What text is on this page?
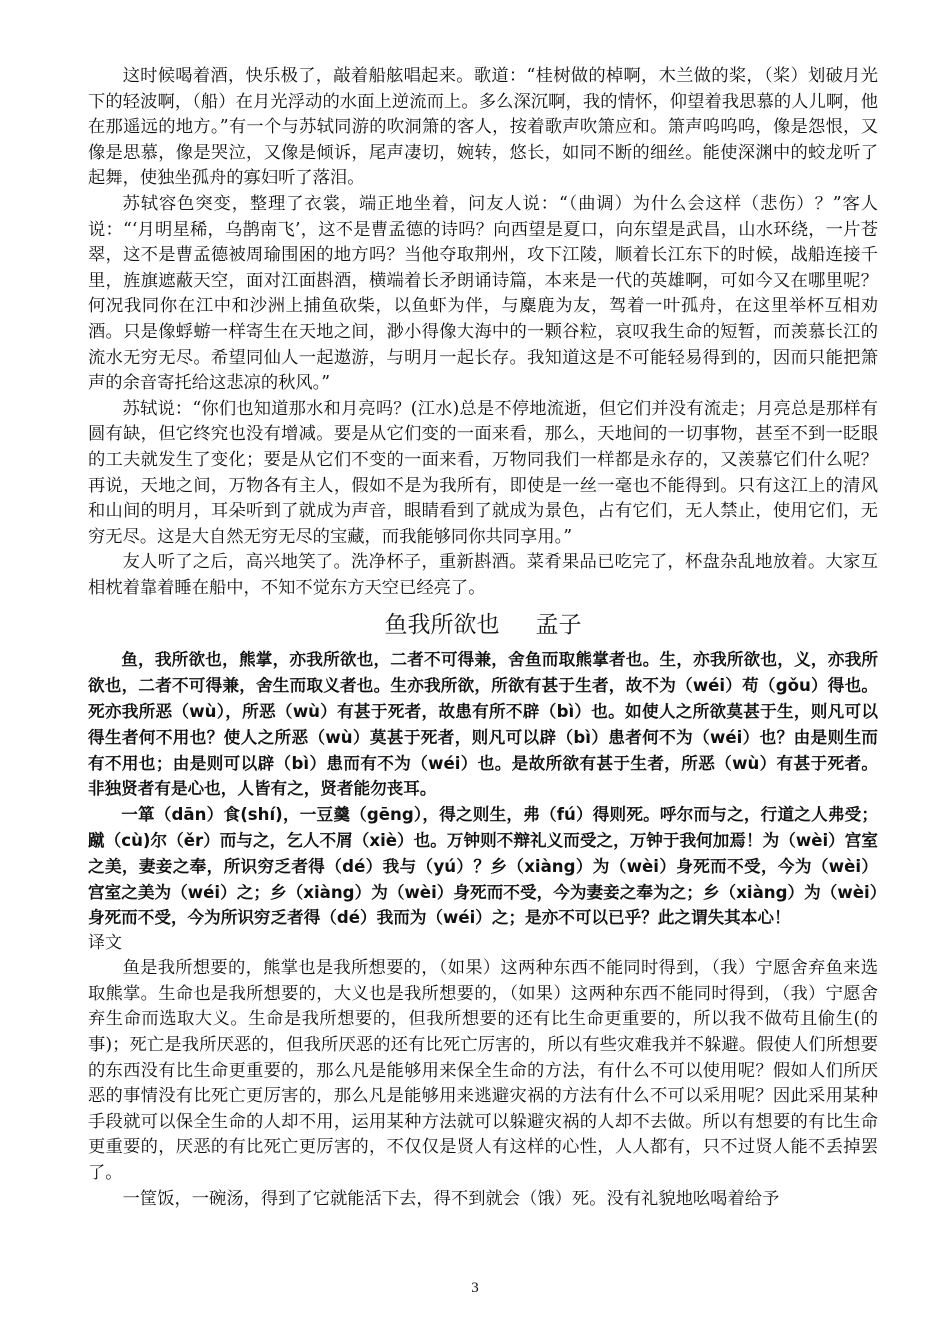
这时候喝着酒，快乐极了，敲着船舷唱起来。歌道：“桂树做的棹啊，木兰做的桨，（桨）划破月光下的轻波啊，（船）在月光浮动的水面上逆流而上。多么深沉啊，我的情怀，仰望着我思慕的人儿啊，他在那遥远的地方。”有一个与苏轼同游的吹洞箫的客人，按着歌声吹箫应和。箫声呜呜呜，像是怨恨，又像是思慕，像是哭泣，又像是倾诉，尾声凄切，婉转，悠长，如同不断的细丝。能使深渊中的蛟龙听了起舞，使独坐孤舟的寡妇听了落泪。

苏轼容色突变，整理了衣裳，端正地坐着，问友人说：“（曲调）为什么会这样（悲伤）？”客人说：“‘月明星稀，乌鹊南飞’，这不是曹孟德的诗吗？向西望是夏口，向东望是武昌，山水环绕，一片苍翠，这不是曹孟德被周瑜围困的地方吗？当他夺取荆州，攻下江陵，顺着长江东下的时候，战船连接千里，旌旗遮蔽天空，面对江面斟酒，横端着长矛朗诵诗篇，本来是一代的英雄啊，可如今又在哪里呢？何况我同你在江中和沙洲上捕鱼砍柴，以鱼虾为伴，与麋鹿为友，驾着一叶孤舟，在这里举杯互相劝酒。只是像蜉蝣一样寄生在天地之间，渺小得像大海中的一颗谷粒，哀叹我生命的短暂，而羡慕长江的流水无穷无尽。希望同仙人一起遨游，与明月一起长存。我知道这是不可能轻易得到的，因而只能把箫声的余音寄托给这悲凉的秋风。”

苏轼说：“你们也知道那水和月亮吗？(江水)总是不停地流逝，但它们并没有流走；月亮总是那样有圆有缺，但它终究也没有增减。要是从它们变的一面来看，那么，天地间的一切事物，甚至不到一眨眼的工夫就发生了变化；要是从它们不变的一面来看，万物同我们一样都是永存的，又羡慕它们什么呢？再说，天地之间，万物各有主人，假如不是为我所有，即使是一丝一毫也不能得到。只有这江上的清风和山间的明月，耳朵听到了就成为声音，眼睛看到了就成为景色，占有它们，无人禁止，使用它们，无穷无尽。这是大自然无穷无尽的宝藏，而我能够同你共同享用。”

友人听了之后，高兴地笑了。洗净杯子，重新斟酒。菜肴果品已吃完了，杯盘杂乱地放着。大家互相枕着靠着睡在船中，不知不觉东方天空已经亮了。

鱼我所欲也 孟子

鱼，我所欲也，熊掌，亦我所欲也，二者不可得兼，舍鱼而取熊掌者也。生，亦我所欲也，义，亦我所欲也，二者不可得兼，舍生而取义者也。生亦我所欲，所欲有甚于生者，故不为（wéi）苟（gǒu）得也。死亦我所恶（wù），所恶（wù）有甚于死者，故患有所不辟（bì）也。如使人之所欲莫甚于生，则凡可以得生者何不用也？使人之所恶（wù）莫甚于死者，则凡可以辟（bì）患者何不为（wéi）也？由是则生而有不用也；由是则可以辟（bì）患而有不为（wéi）也。是故所欲有甚于生者，所恶（wù）有甚于死者。非独贤者有是心也，人皆有之，贤者能勿丧耳。

一箪（dān）食(shí)，一豆羹（gēng），得之则生，弗（fú）得则死。呼尔而与之，行道之人弗受；蹴（cù)尔（ěr）而与之，乞人不屑（xiè）也。万钟则不辩礼义而受之，万钟于我何加焉！为（wèi）宫室之美，妻妾之奉，所识穷乏者得（dé）我与（yú）？乡（xiàng）为（wèi）身死而不受，今为（wèi）宫室之美为（wéi）之；乡（xiàng）为（wèi）身死而不受，今为妻妾之奉为之；乡（xiàng）为（wèi）身死而不受，今为所识穷乏者得（dé）我而为（wéi）之；是亦不可以已乎？此之谓失其本心！

译文

鱼是我所想要的，熊掌也是我所想要的，（如果）这两种东西不能同时得到，（我）宁愿舍弃鱼来选取熊掌。生命也是我所想要的，大义也是我所想要的，（如果）这两种东西不能同时得到，（我）宁愿舍弃生命而选取大义。生命是我所想要的，但我所想要的还有比生命更重要的，所以我不做苟且偷生(的事)；死亡是我所厌恶的，但我所厌恶的还有比死亡厉害的，所以有些灾难我并不躲避。假使人们所想要的东西没有比生命更重要的，那么凡是能够用来保全生命的方法，有什么不可以使用呢？假如人们所厌恶的事情没有比死亡更厉害的，那么凡是能够用来逃避灾祸的方法有什么不可以采用呢？因此采用某种手段就可以保全生命的人却不用，运用某种方法就可以躲避灾祸的人却不去做。所以有想要的有比生命更重要的，厌恶的有比死亡更厉害的，不仅仅是贤人有这样的心性，人人都有，只不过贤人能不丢掉罢了。

一筐饭，一碗汤，得到了它就能活下去，得不到就会（饿）死。没有礼貌地吆喝着给予

3
